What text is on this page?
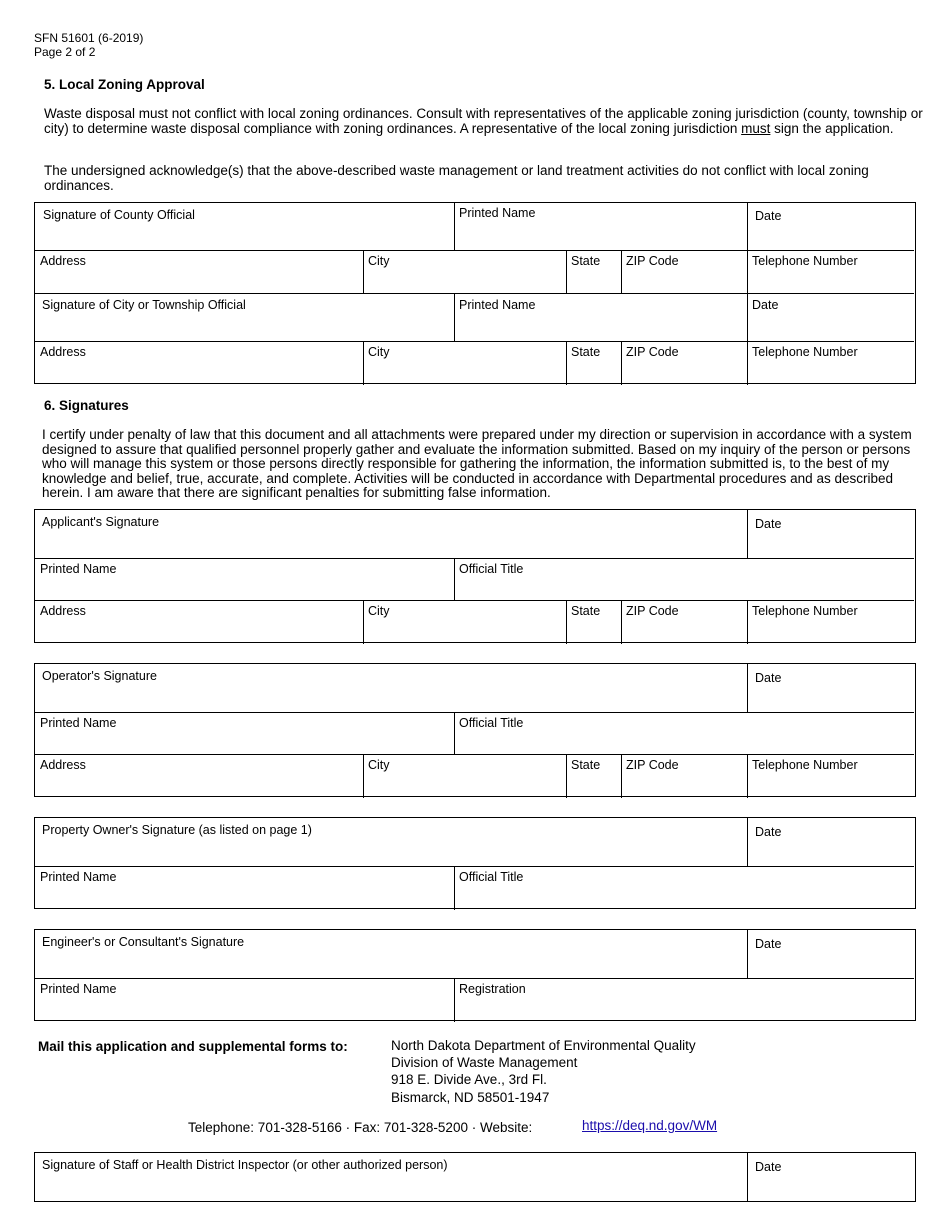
SFN 51601 (6-2019)
Page 2 of 2
5. Local Zoning Approval
Waste disposal must not conflict with local zoning ordinances. Consult with representatives of the applicable zoning jurisdiction (county, township or city) to determine waste disposal compliance with zoning ordinances. A representative of the local zoning jurisdiction must sign the application.
The undersigned acknowledge(s) that the above-described waste management or land treatment activities do not conflict with local zoning ordinances.
Signature of County Official	Printed Name	Date
Address	City	State	ZIP Code	Telephone Number
Signature of City or Township Official	Printed Name	Date
Address	City	State	ZIP Code	Telephone Number
6. Signatures
I certify under penalty of law that this document and all attachments were prepared under my direction or supervision in accordance with a system designed to assure that qualified personnel properly gather and evaluate the information submitted. Based on my inquiry of the person or persons who will manage this system or those persons directly responsible for gathering the information, the information submitted is, to the best of my knowledge and belief, true, accurate, and complete. Activities will be conducted in accordance with Departmental procedures and as described herein. I am aware that there are significant penalties for submitting false information.
Applicant's Signature	Date
Printed Name	Official Title
Address	City	State	ZIP Code	Telephone Number
Operator's Signature	Date
Printed Name	Official Title
Address	City	State	ZIP Code	Telephone Number
Property Owner's Signature (as listed on page 1)	Date
Printed Name	Official Title
Engineer's or Consultant's Signature	Date
Printed Name	Registration
Mail this application and supplemental forms to:	North Dakota Department of Environmental Quality
Division of Waste Management
918 E. Divide Ave., 3rd Fl.
Bismarck, ND 58501-1947
Telephone: 701-328-5166 · Fax: 701-328-5200 · Website:	https://deq.nd.gov/WM
Signature of Staff or Health District Inspector (or other authorized person)	Date
